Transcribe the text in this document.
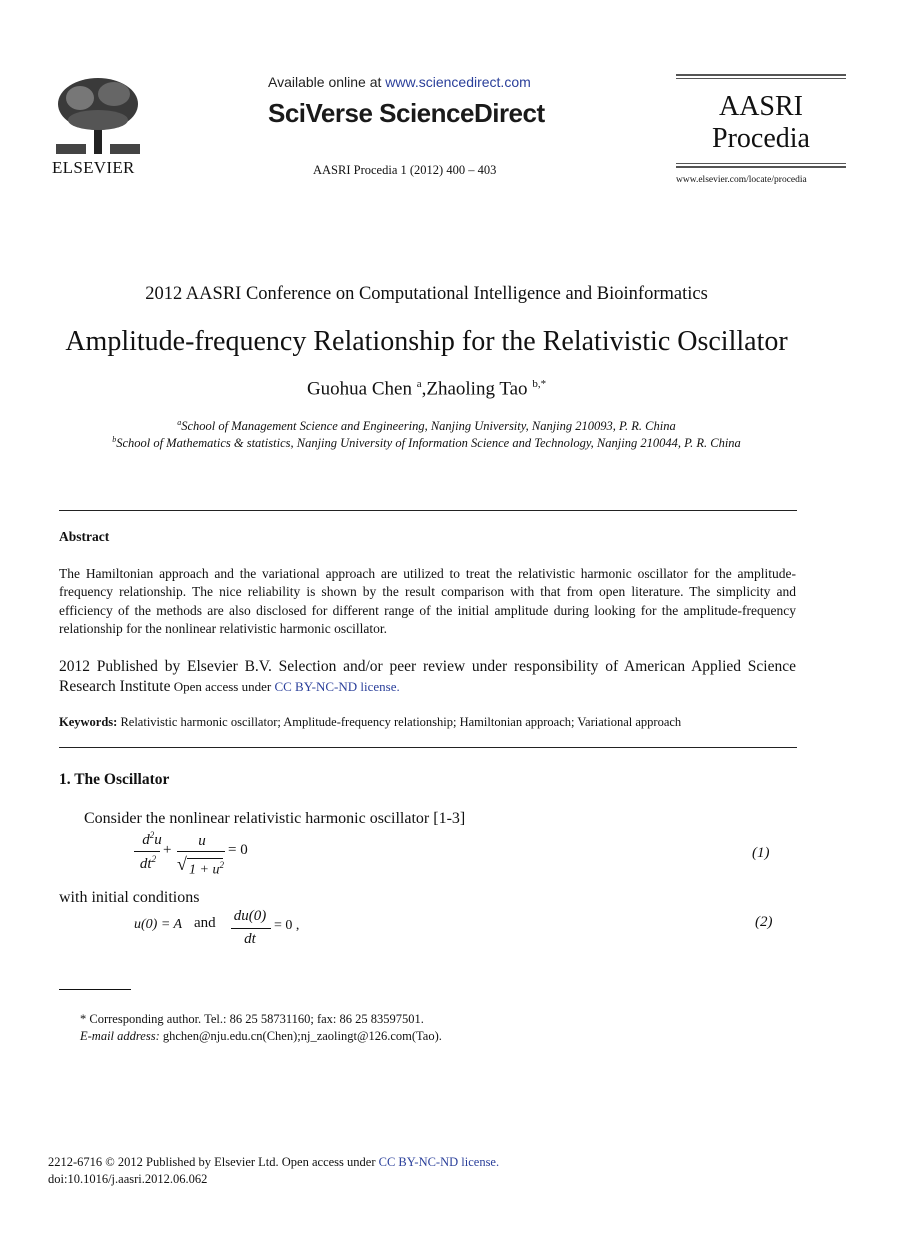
ELSEVIER
Available online at www.sciencedirect.com
SciVerse ScienceDirect
AASRI Procedia 1 (2012) 400 – 403
AASRI
Procedia
www.elsevier.com/locate/procedia
2012 AASRI Conference on Computational Intelligence and Bioinformatics
Amplitude-frequency Relationship for the Relativistic Oscillator
Guohua Chen $^a$,Zhaoling Tao $^{b,*}$
$^a$School of Management Science and Engineering, Nanjing University, Nanjing 210093, P. R. China
$^b$School of Mathematics & statistics, Nanjing University of Information Science and Technology, Nanjing 210044, P. R. China
Abstract
The Hamiltonian approach and the variational approach are utilized to treat the relativistic harmonic oscillator for the amplitude-frequency relationship. The nice reliability is shown by the result comparison with that from open literature. The simplicity and efficiency of the methods are also disclosed for different range of the initial amplitude during looking for the amplitude-frequency relationship for the nonlinear relativistic harmonic oscillator.
2012 Published by Elsevier B.V. Selection and/or peer review under responsibility of American Applied Science Research Institute Open access under CC BY-NC-ND license.
Keywords: Relativistic harmonic oscillator; Amplitude-frequency relationship; Hamiltonian approach; Variational approach
1. The Oscillator
Consider the nonlinear relativistic harmonic oscillator [1-3]
$d^2u$
$dt^2$
+
u
√ $1 + u^2$
= 0	(1)
with initial conditions
u(0) = A and du(0)
dt
= 0 ,	(2)
* Corresponding author. Tel.: 86 25 58731160; fax: 86 25 83597501.
E-mail address: ghchen@nju.edu.cn(Chen);nj_zaolingt@126.com(Tao).
2212-6716 © 2012 Published by Elsevier Ltd. Open access under CC BY-NC-ND license.
doi:10.1016/j.aasri.2012.06.062
